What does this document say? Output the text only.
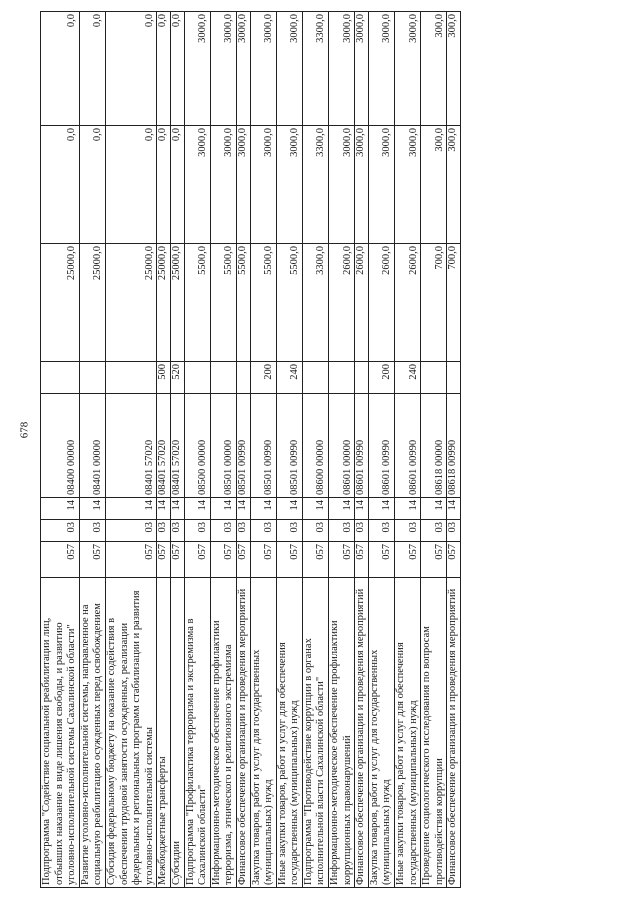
678
Подпрограмма "Содействие социальной реабилитации лиц, отбывших наказание в виде лишения свободы, и развитию уголовно-исполнительной системы Сахалинской области"	057	03	14	08400 00000		25000,0	0,0	0,0
Развитие уголовно-исполнительной системы, направленное на социальную реабилитацию осужденных перед освобождением	057	03	14	08401 00000		25000,0	0,0	0,0
Субсидия федеральному бюджету на оказание содействия в обеспечении трудовой занятости осужденных, реализации федеральных и региональных программ стабилизации и развития уголовно-исполнительной системы	057	03	14	08401 57020		25000,0	0,0	0,0
Межбюджетные трансферты	057	03	14	08401 57020	500	25000,0	0,0	0,0
Субсидии	057	03	14	08401 57020	520	25000,0	0,0	0,0
Подпрограмма "Профилактика терроризма и экстремизма в Сахалинской области"	057	03	14	08500 00000		5500,0	3000,0	3000,0
Информационно-методическое обеспечение профилактики терроризма, этнического и религиозного экстремизма	057	03	14	08501 00000		5500,0	3000,0	3000,0
Финансовое обеспечение организации и проведения мероприятий	057	03	14	08501 00990		5500,0	3000,0	3000,0
Закупка товаров, работ и услуг для государственных (муниципальных) нужд	057	03	14	08501 00990	200	5500,0	3000,0	3000,0
Иные закупки товаров, работ и услуг для обеспечения государственных (муниципальных) нужд	057	03	14	08501 00990	240	5500,0	3000,0	3000,0
Подпрограмма "Противодействие коррупции в органах исполнительной власти Сахалинской области"	057	03	14	08600 00000		3300,0	3300,0	3300,0
Информационно-методическое обеспечение профилактики коррупционных правонарушений	057	03	14	08601 00000		2600,0	3000,0	3000,0
Финансовое обеспечение организации и проведения мероприятий	057	03	14	08601 00990		2600,0	3000,0	3000,0
Закупка товаров, работ и услуг для государственных (муниципальных) нужд	057	03	14	08601 00990	200	2600,0	3000,0	3000,0
Иные закупки товаров, работ и услуг для обеспечения государственных (муниципальных) нужд	057	03	14	08601 00990	240	2600,0	3000,0	3000,0
Проведение социологического исследования по вопросам противодействия коррупции	057	03	14	08618 00000		700,0	300,0	300,0
Финансовое обеспечение организации и проведения мероприятий	057	03	14	08618 00990		700,0	300,0	300,0
